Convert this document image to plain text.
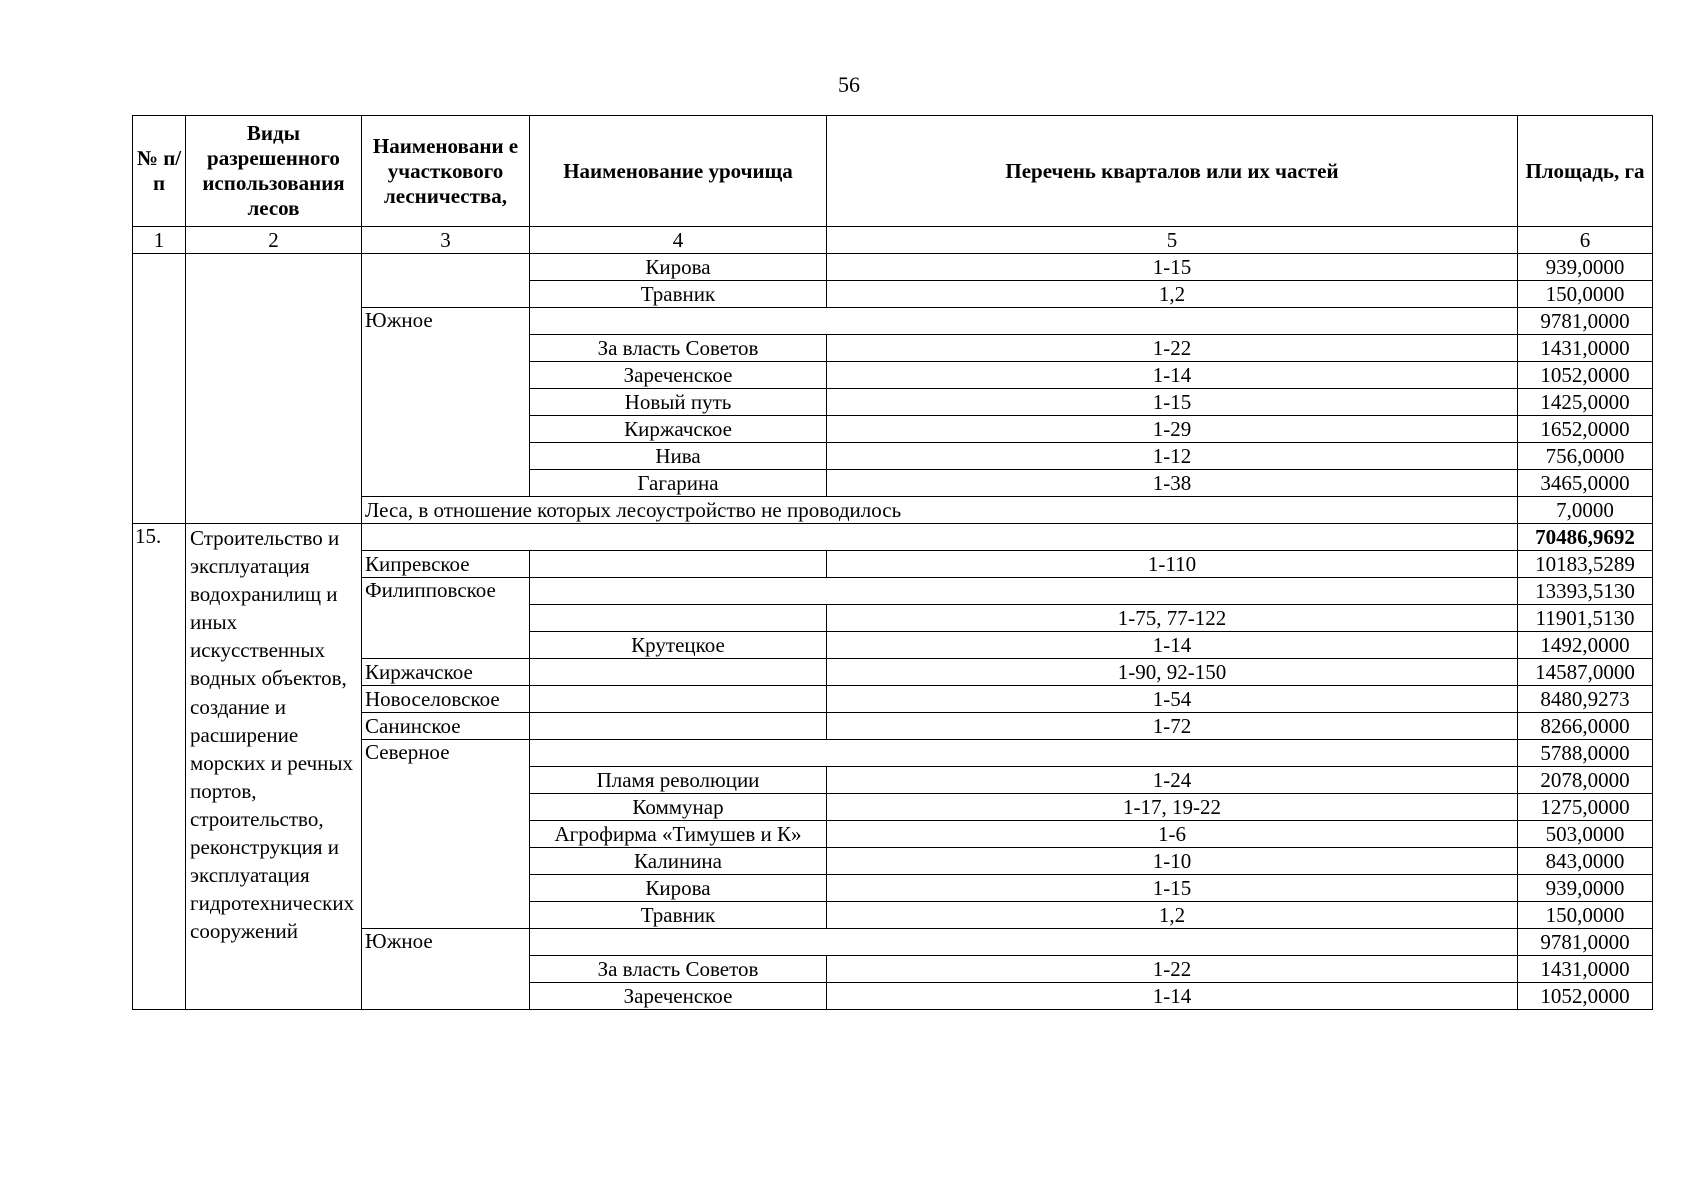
56
№ п/п	Виды разрешенного использования лесов	Наименовани е участкового лесничества,	Наименование урочища	Перечень кварталов или их частей	Площадь, га
1	2	3	4	5	6
			Кирова	1-15	939,0000
			Травник	1,2	150,0000
		Южное			9781,0000
			За власть Советов	1-22	1431,0000
			Зареченское	1-14	1052,0000
			Новый путь	1-15	1425,0000
			Киржачское	1-29	1652,0000
			Нива	1-12	756,0000
			Гагарина	1-38	3465,0000
		Леса, в отношение которых лесоустройство не проводилось			7,0000
15.	Строительство и эксплуатация водохранилищ и иных искусственных водных объектов, создание и расширение морских и речных портов, строительство, реконструкция и эксплуатация гидротехнических сооружений				70486,9692
		Кипревское		1-110	10183,5289
		Филипповское			13393,5130
				1-75, 77-122	11901,5130
			Крутецкое	1-14	1492,0000
		Киржачское		1-90, 92-150	14587,0000
		Новоселовское		1-54	8480,9273
		Санинское		1-72	8266,0000
		Северное			5788,0000
			Пламя революции	1-24	2078,0000
			Коммунар	1-17, 19-22	1275,0000
			Агрофирма «Тимушев и К»	1-6	503,0000
			Калинина	1-10	843,0000
			Кирова	1-15	939,0000
			Травник	1,2	150,0000
		Южное			9781,0000
			За власть Советов	1-22	1431,0000
			Зареченское	1-14	1052,0000
